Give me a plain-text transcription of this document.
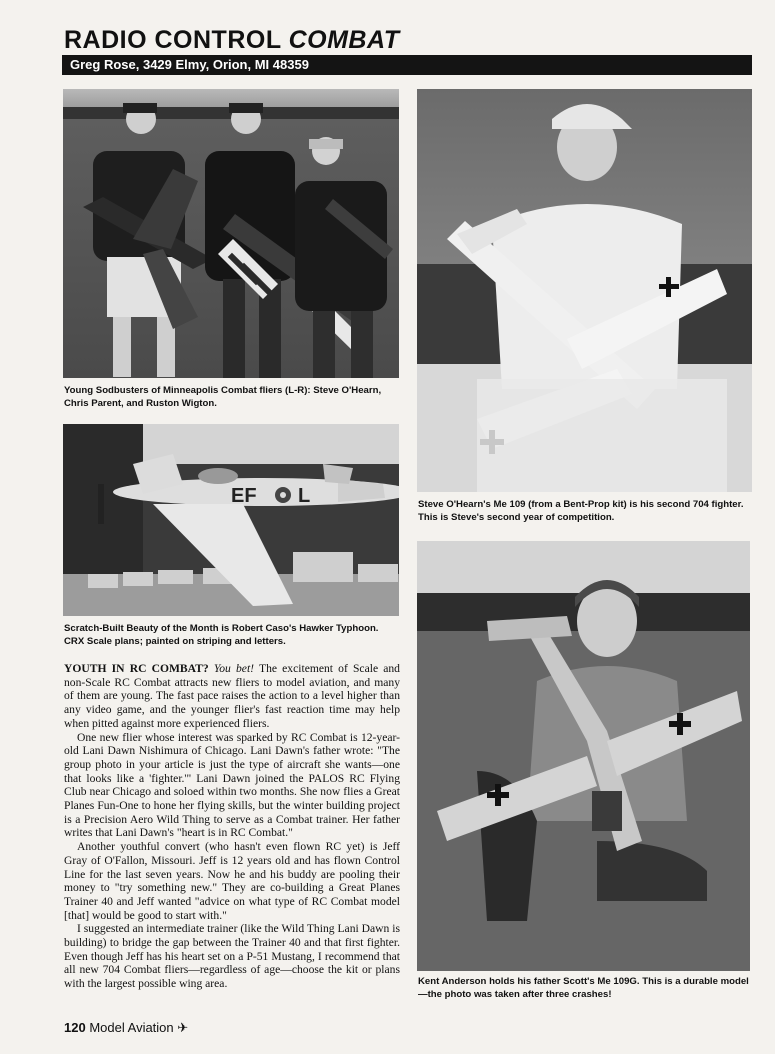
RADIO CONTROL COMBAT
Greg Rose, 3429 Elmy, Orion, MI 48359
Young Sodbusters of Minneapolis Combat fliers (L-R): Steve O'Hearn, Chris Parent, and Ruston Wigton.
Steve O'Hearn's Me 109 (from a Bent-Prop kit) is his second 704 fighter. This is Steve's second year of competition.
EF L
Scratch-Built Beauty of the Month is Robert Caso's Hawker Typhoon. CRX Scale plans; painted on striping and letters.
Kent Anderson holds his father Scott's Me 109G. This is a durable model—the photo was taken after three crashes!

YOUTH IN RC COMBAT? You bet! The excitement of Scale and non-Scale RC Combat attracts new fliers to model aviation, and many of them are young. The fast pace raises the action to a level higher than any video game, and the younger flier's fast reaction time may help when pitted against more experienced fliers.

One new flier whose interest was sparked by RC Combat is 12-year-old Lani Dawn Nishimura of Chicago. Lani Dawn's father wrote: "The group photo in your article is just the type of aircraft she wants—one that looks like a 'fighter.'" Lani Dawn joined the PALOS RC Flying Club near Chicago and soloed within two months. She now flies a Great Planes Fun-One to hone her flying skills, but the winter building project is a Precision Aero Wild Thing to serve as a Combat trainer. Her father writes that Lani Dawn's "heart is in RC Combat."

Another youthful convert (who hasn't even flown RC yet) is Jeff Gray of O'Fallon, Missouri. Jeff is 12 years old and has flown Control Line for the last seven years. Now he and his buddy are pooling their money to "try something new." They are co-building a Great Planes Trainer 40 and Jeff wanted "advice on what type of RC Combat model [that] would be good to start with."

I suggested an intermediate trainer (like the Wild Thing Lani Dawn is building) to bridge the gap between the Trainer 40 and that first fighter. Even though Jeff has his heart set on a P-51 Mustang, I recommend that all new 704 Combat fliers—regardless of age—choose the kit or plans with the largest possible wing area.

120 Model Aviation ✈
